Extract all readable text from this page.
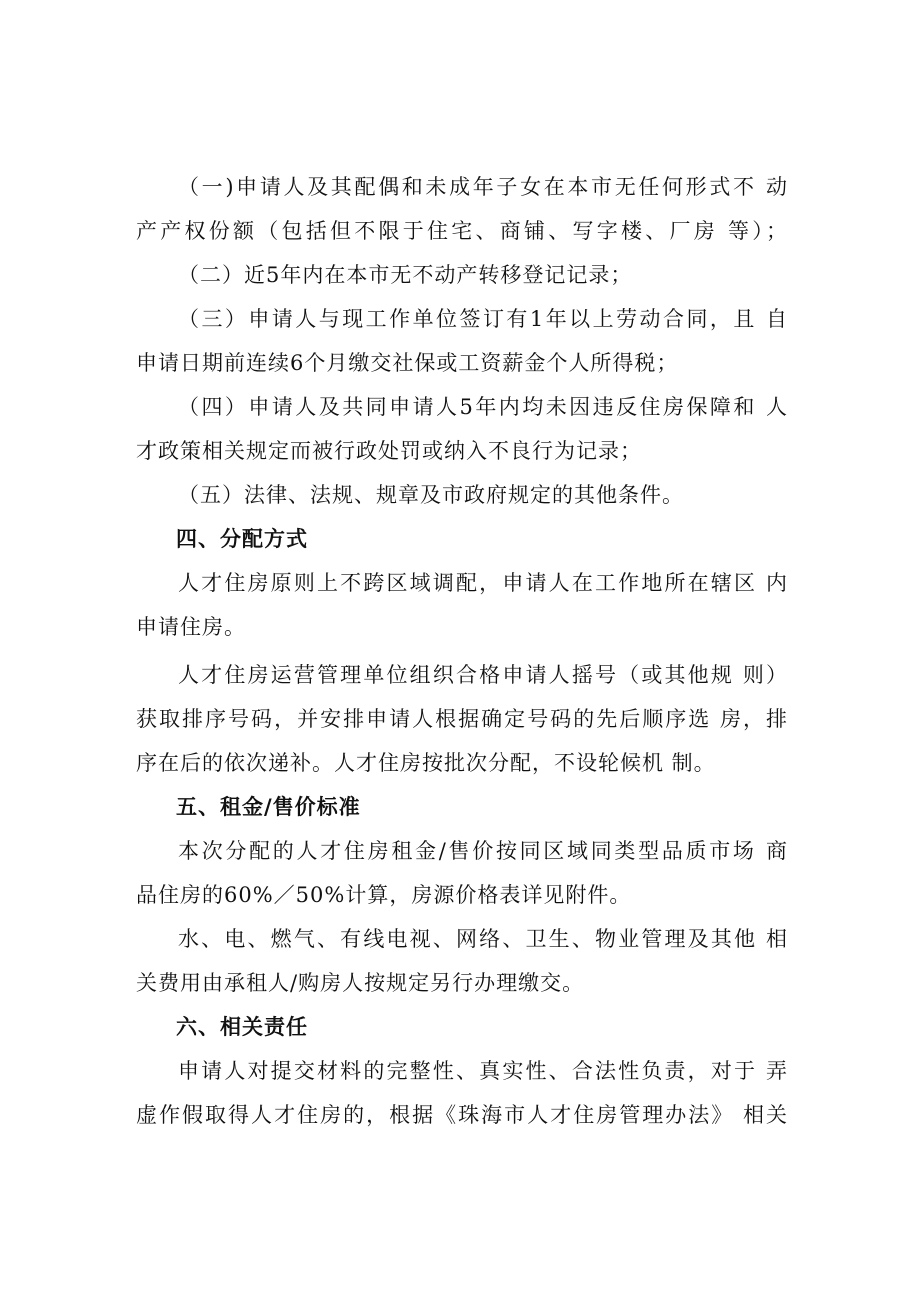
（一)申请人及其配偶和未成年子女在本市无任何形式不 动
产产权份额（包括但不限于住宅、商铺、写字楼、厂房 等）；
（二）近5年内在本市无不动产转移登记记录；
（三）申请人与现工作单位签订有1年以上劳动合同，且 自
申请日期前连续6个月缴交社保或工资薪金个人所得税；
（四）申请人及共同申请人5年内均未因违反住房保障和 人
才政策相关规定而被行政处罚或纳入不良行为记录；
（五）法律、法规、规章及市政府规定的其他条件。
四、分配方式
人才住房原则上不跨区域调配，申请人在工作地所在辖区 内
申请住房。
人才住房运营管理单位组织合格申请人摇号（或其他规 则）
获取排序号码，并安排申请人根据确定号码的先后顺序选 房，排
序在后的依次递补。人才住房按批次分配，不设轮候机 制。
五、租金/售价标准
本次分配的人才住房租金/售价按同区域同类型品质市场 商
品住房的60%／50%计算，房源价格表详见附件。
水、电、燃气、有线电视、网络、卫生、物业管理及其他 相
关费用由承租人/购房人按规定另行办理缴交。
六、相关责任
申请人对提交材料的完整性、真实性、合法性负责，对于 弄
虚作假取得人才住房的，根据《珠海市人才住房管理办法》 相关
